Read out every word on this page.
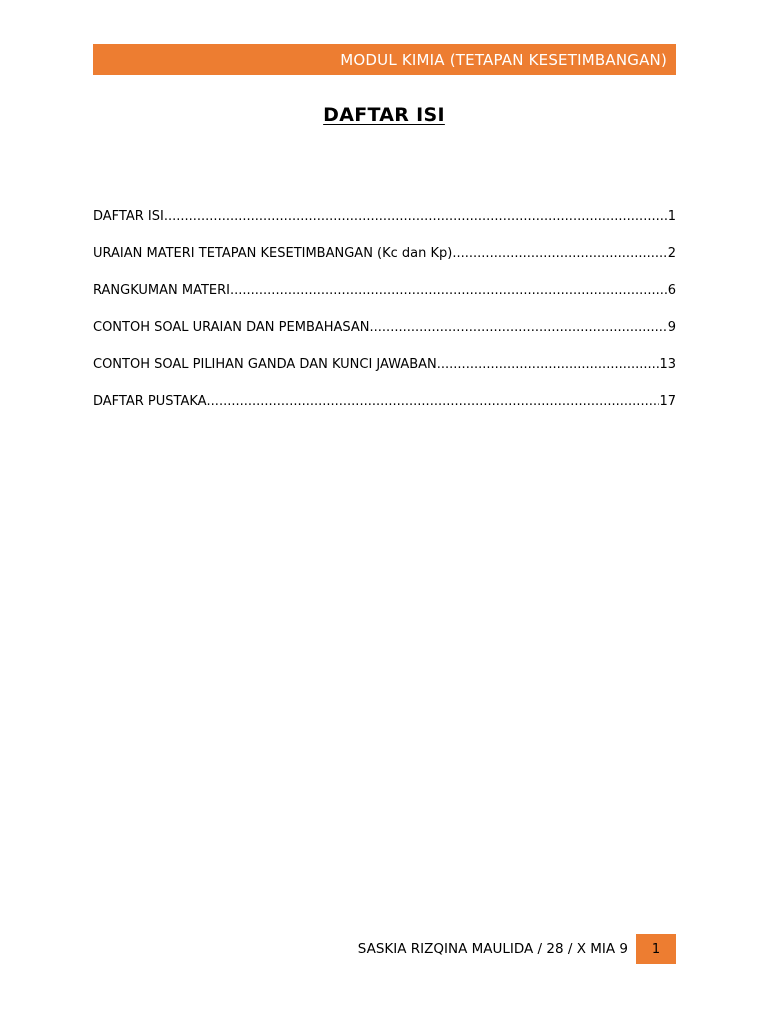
MODUL KIMIA (TETAPAN KESETIMBANGAN)
DAFTAR ISI
DAFTAR ISI .....	1
URAIAN MATERI TETAPAN KESETIMBANGAN (Kc dan Kp) .....	2
RANGKUMAN MATERI .....	6
CONTOH SOAL URAIAN DAN PEMBAHASAN .....	9
CONTOH SOAL PILIHAN GANDA DAN KUNCI JAWABAN .....	13
DAFTAR PUSTAKA .....	17
SASKIA RIZQINA MAULIDA / 28 / X MIA 9 1
